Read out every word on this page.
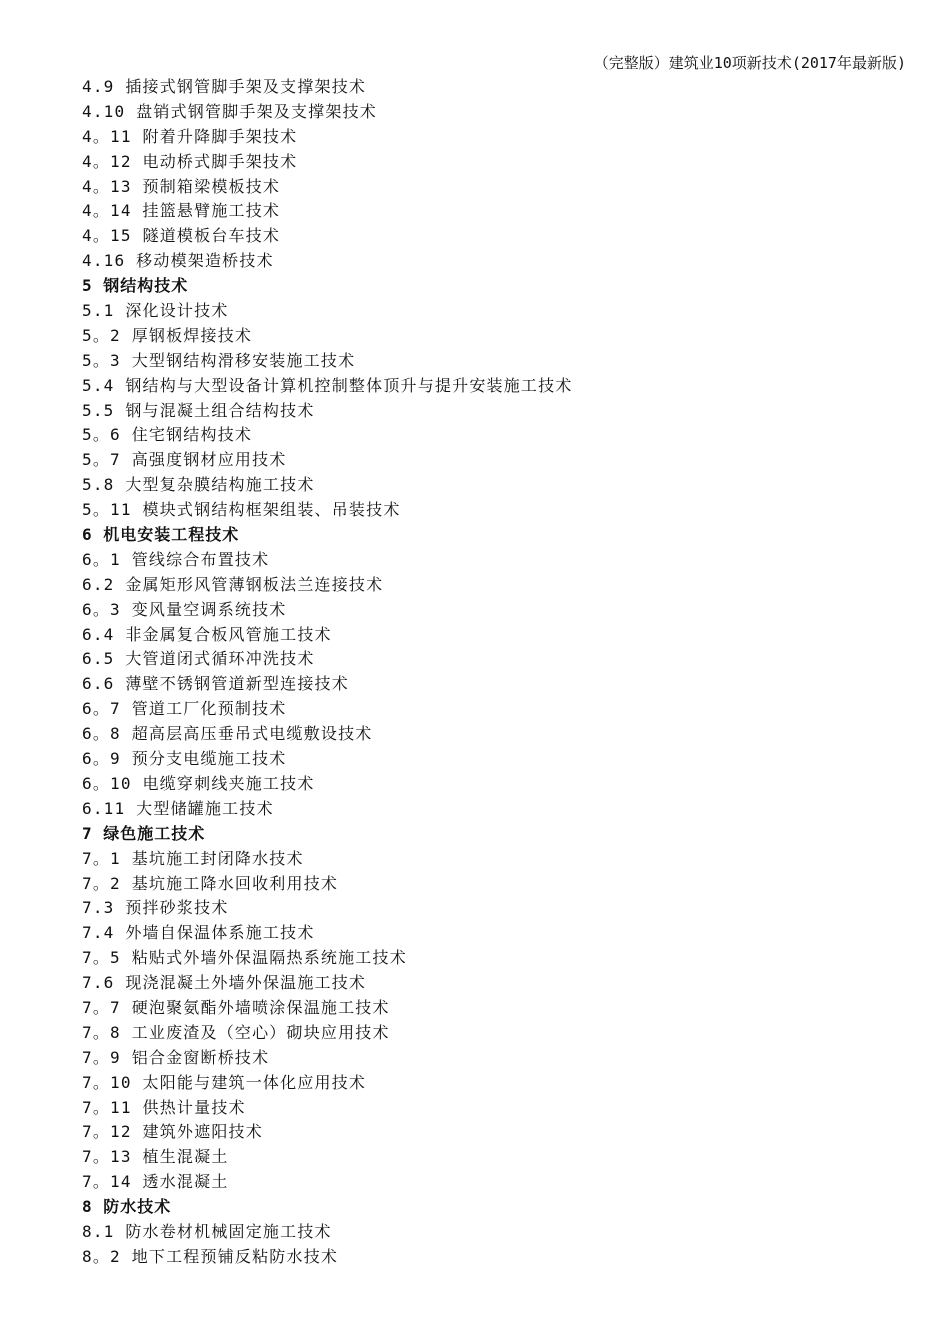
（完整版）建筑业10项新技术(2017年最新版)
4.9 插接式钢管脚手架及支撑架技术
4.10 盘销式钢管脚手架及支撑架技术
4。11 附着升降脚手架技术
4。12 电动桥式脚手架技术
4。13 预制箱梁模板技术
4。14 挂篮悬臂施工技术
4。15 隧道模板台车技术
4.16 移动模架造桥技术
5 钢结构技术
5.1 深化设计技术
5。2 厚钢板焊接技术
5。3 大型钢结构滑移安装施工技术
5.4 钢结构与大型设备计算机控制整体顶升与提升安装施工技术
5.5 钢与混凝土组合结构技术
5。6 住宅钢结构技术
5。7 高强度钢材应用技术
5.8 大型复杂膜结构施工技术
5。11 模块式钢结构框架组装、吊装技术
6 机电安装工程技术
6。1 管线综合布置技术
6.2 金属矩形风管薄钢板法兰连接技术
6。3 变风量空调系统技术
6.4 非金属复合板风管施工技术
6.5 大管道闭式循环冲洗技术
6.6 薄壁不锈钢管道新型连接技术
6。7 管道工厂化预制技术
6。8 超高层高压垂吊式电缆敷设技术
6。9 预分支电缆施工技术
6。10 电缆穿刺线夹施工技术
6.11 大型储罐施工技术
7 绿色施工技术
7。1 基坑施工封闭降水技术
7。2 基坑施工降水回收利用技术
7.3 预拌砂浆技术
7.4 外墙自保温体系施工技术
7。5 粘贴式外墙外保温隔热系统施工技术
7.6 现浇混凝土外墙外保温施工技术
7。7 硬泡聚氨酯外墙喷涂保温施工技术
7。8 工业废渣及（空心）砌块应用技术
7。9 铝合金窗断桥技术
7。10 太阳能与建筑一体化应用技术
7。11 供热计量技术
7。12 建筑外遮阳技术
7。13 植生混凝土
7。14 透水混凝土
8 防水技术
8.1 防水卷材机械固定施工技术
8。2 地下工程预铺反粘防水技术
